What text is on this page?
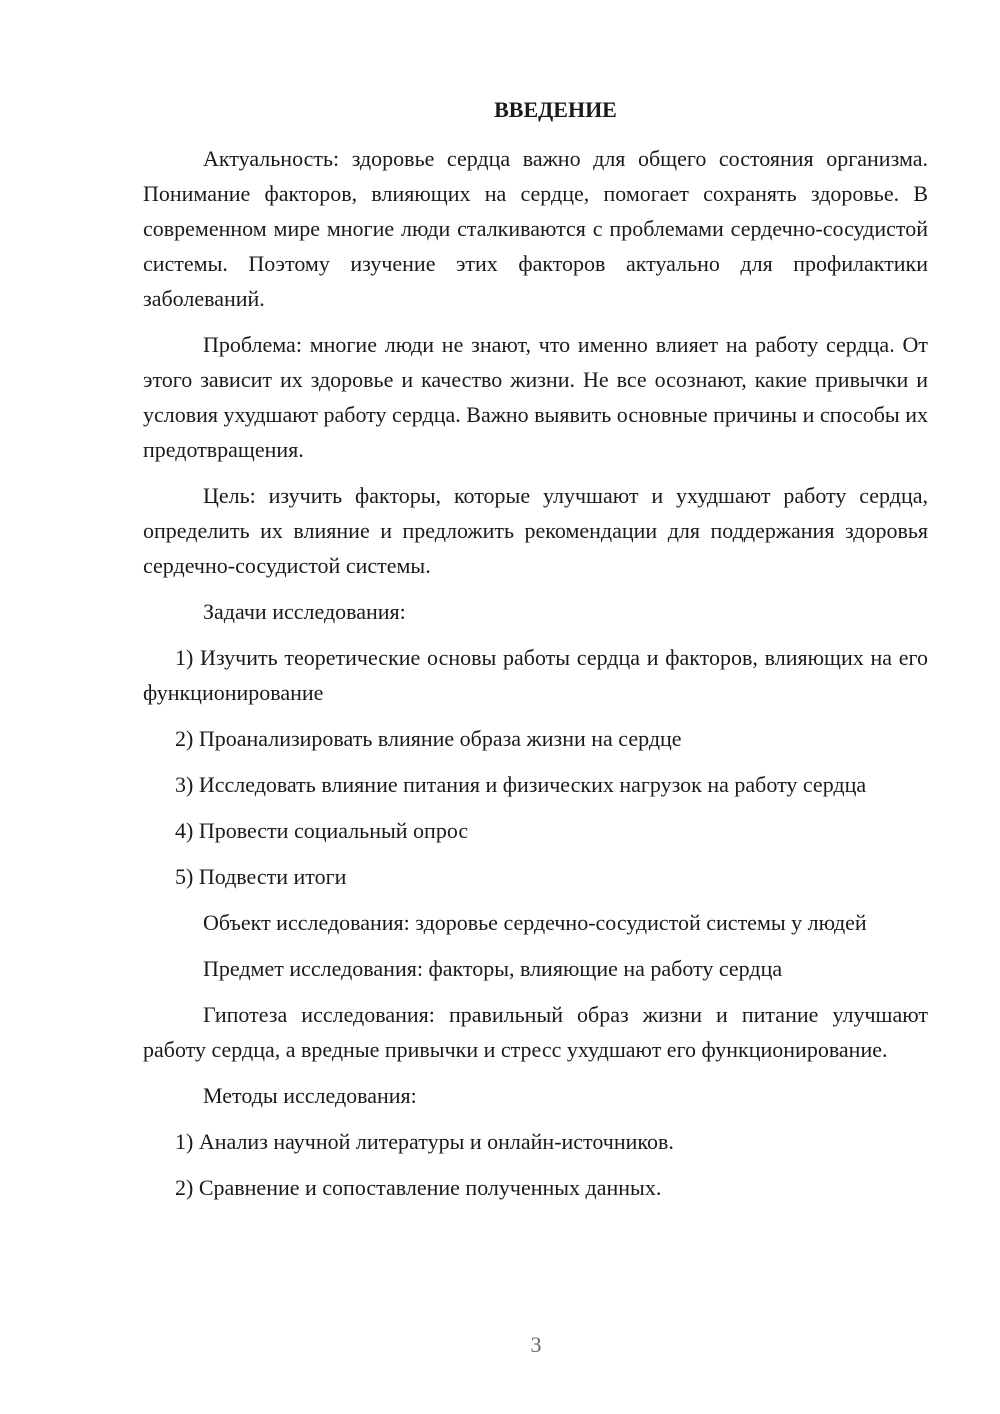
ВВЕДЕНИЕ

Актуальность: здоровье сердца важно для общего состояния организма. Понимание факторов, влияющих на сердце, помогает сохранять здоровье. В современном мире многие люди сталкиваются с проблемами сердечно-сосудистой системы. Поэтому изучение этих факторов актуально для профилактики заболеваний.

Проблема: многие люди не знают, что именно влияет на работу сердца. От этого зависит их здоровье и качество жизни. Не все осознают, какие привычки и условия ухудшают работу сердца. Важно выявить основные причины и способы их предотвращения.

Цель: изучить факторы, которые улучшают и ухудшают работу сердца, определить их влияние и предложить рекомендации для поддержания здоровья сердечно-сосудистой системы.

Задачи исследования:

1) Изучить теоретические основы работы сердца и факторов, влияющих на его функционирование

2) Проанализировать влияние образа жизни на сердце

3) Исследовать влияние питания и физических нагрузок на работу сердца

4) Провести социальный опрос

5) Подвести итоги

Объект исследования: здоровье сердечно-сосудистой системы у людей

Предмет исследования: факторы, влияющие на работу сердца

Гипотеза исследования: правильный образ жизни и питание улучшают работу сердца, а вредные привычки и стресс ухудшают его функционирование.

Методы исследования:

1) Анализ научной литературы и онлайн-источников.

2) Сравнение и сопоставление полученных данных.

3
